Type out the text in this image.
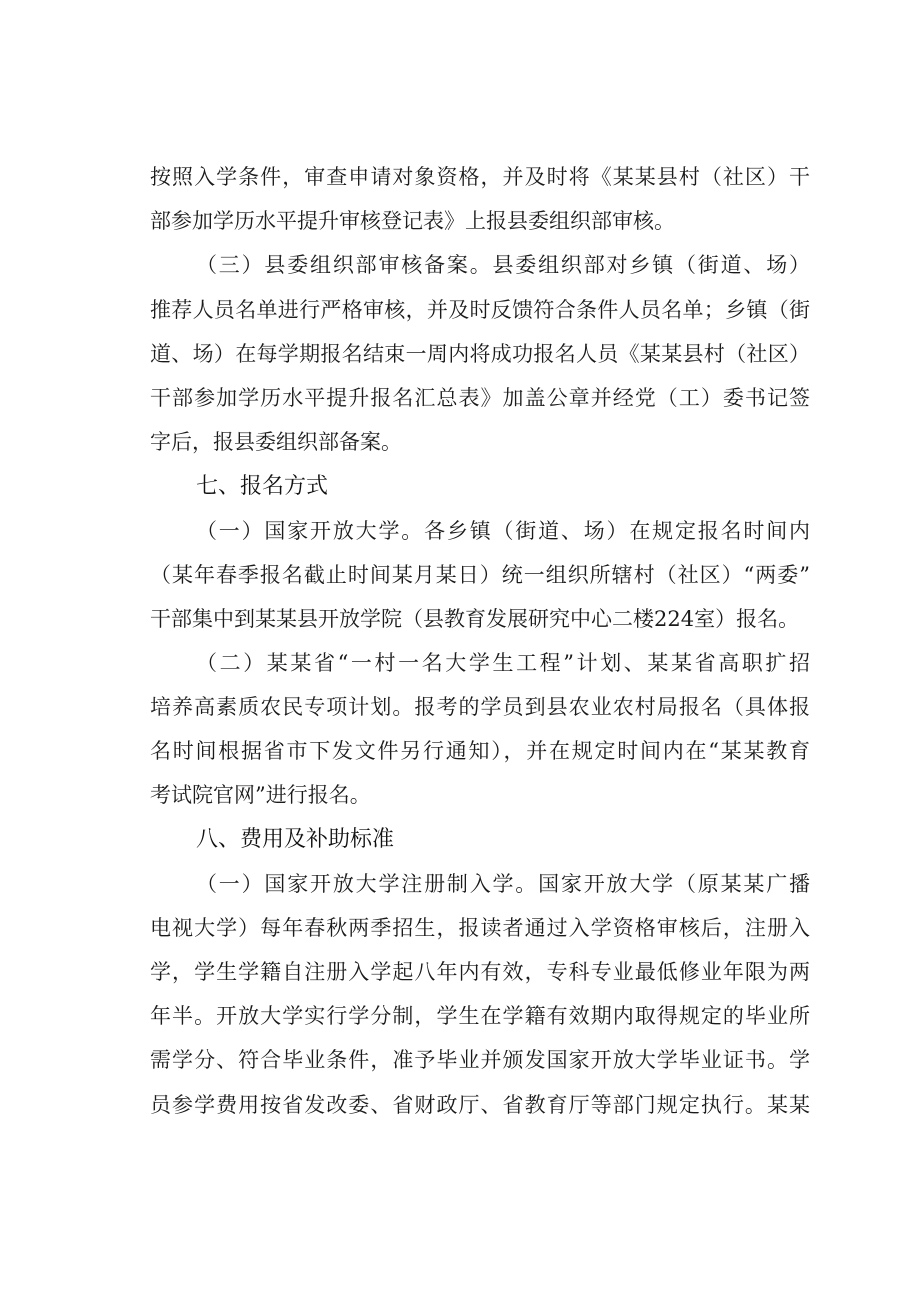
按照入学条件，审查申请对象资格，并及时将《某某县村（社区）干
部参加学历水平提升审核登记表》上报县委组织部审核。
（三）县委组织部审核备案。县委组织部对乡镇（街道、场）
推荐人员名单进行严格审核，并及时反馈符合条件人员名单；乡镇（街
道、场）在每学期报名结束一周内将成功报名人员《某某县村（社区）
干部参加学历水平提升报名汇总表》加盖公章并经党（工）委书记签
字后，报县委组织部备案。
七、报名方式
（一）国家开放大学。各乡镇（街道、场）在规定报名时间内
（某年春季报名截止时间某月某日）统一组织所辖村（社区）“两委”
干部集中到某某县开放学院（县教育发展研究中心二楼224室）报名。
（二）某某省“一村一名大学生工程”计划、某某省高职扩招
培养高素质农民专项计划。报考的学员到县农业农村局报名（具体报
名时间根据省市下发文件另行通知），并在规定时间内在“某某教育
考试院官网”进行报名。
八、费用及补助标准
（一）国家开放大学注册制入学。国家开放大学（原某某广播
电视大学）每年春秋两季招生，报读者通过入学资格审核后，注册入
学，学生学籍自注册入学起八年内有效，专科专业最低修业年限为两
年半。开放大学实行学分制，学生在学籍有效期内取得规定的毕业所
需学分、符合毕业条件，准予毕业并颁发国家开放大学毕业证书。学
员参学费用按省发改委、省财政厅、省教育厅等部门规定执行。某某
